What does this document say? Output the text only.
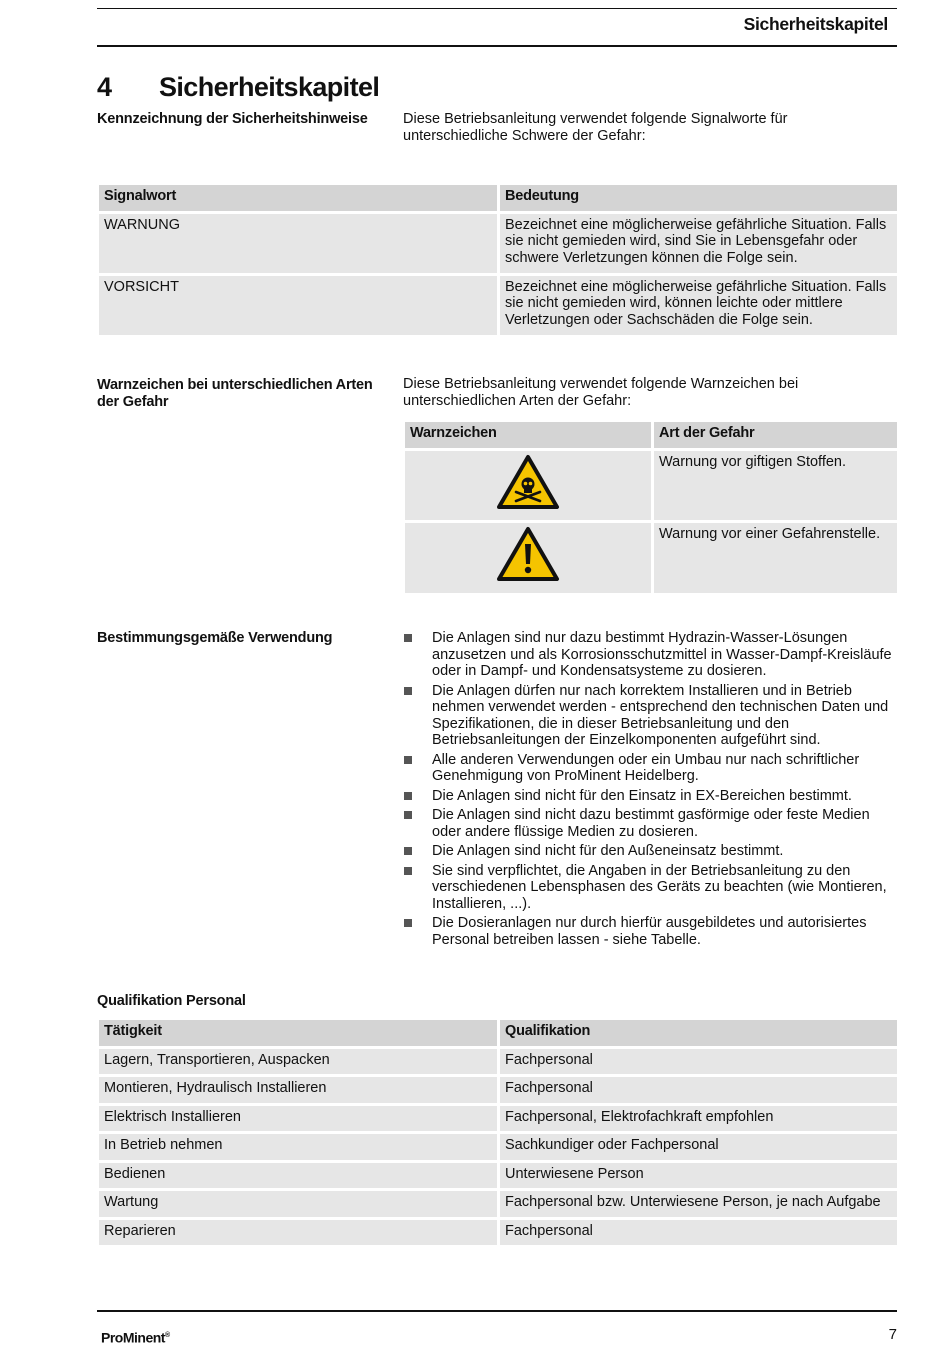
Sicherheitskapitel
4 Sicherheitskapitel
Kennzeichnung der Sicherheitshinweise	Diese Betriebsanleitung verwendet folgende Signalworte für unterschiedliche Schwere der Gefahr:
Signalwort	Bedeutung
WARNUNG	Bezeichnet eine möglicherweise gefährliche Situation. Falls sie nicht gemieden wird, sind Sie in Lebensgefahr oder schwere Verletzungen können die Folge sein.
VORSICHT	Bezeichnet eine möglicherweise gefährliche Situation. Falls sie nicht gemieden wird, können leichte oder mittlere Verletzungen oder Sachschäden die Folge sein.
Warnzeichen bei unterschiedlichen Arten der Gefahr
Diese Betriebsanleitung verwendet folgende Warnzeichen bei unterschiedlichen Arten der Gefahr:
Warnzeichen	Art der Gefahr
	Warnung vor giftigen Stoffen.
	Warnung vor einer Gefahrenstelle.
Bestimmungsgemäße Verwendung	Die Anlagen sind nur dazu bestimmt Hydrazin-Wasser-Lösungen anzusetzen und als Korrosionsschutzmittel in Wasser-Dampf-Kreisläufe oder in Dampf- und Kondensatsysteme zu dosieren.
Die Anlagen dürfen nur nach korrektem Installieren und in Betrieb nehmen verwendet werden - entsprechend den technischen Daten und Spezifikationen, die in dieser Betriebsanleitung und den Betriebsanleitungen der Einzelkomponenten aufgeführt sind.
Alle anderen Verwendungen oder ein Umbau nur nach schriftlicher Genehmigung von ProMinent Heidelberg.
Die Anlagen sind nicht für den Einsatz in EX-Bereichen bestimmt.
Die Anlagen sind nicht dazu bestimmt gasförmige oder feste Medien oder andere flüssige Medien zu dosieren.
Die Anlagen sind nicht für den Außeneinsatz bestimmt.
Sie sind verpflichtet, die Angaben in der Betriebsanleitung zu den verschiedenen Lebensphasen des Geräts zu beachten (wie Montieren, Installieren, ...).
Die Dosieranlagen nur durch hierfür ausgebildetes und autorisiertes Personal betreiben lassen - siehe Tabelle.
Qualifikation Personal
Tätigkeit	Qualifikation
Lagern, Transportieren, Auspacken	Fachpersonal
Montieren, Hydraulisch Installieren	Fachpersonal
Elektrisch Installieren	Fachpersonal, Elektrofachkraft empfohlen
In Betrieb nehmen	Sachkundiger oder Fachpersonal
Bedienen	Unterwiesene Person
Wartung	Fachpersonal bzw. Unterwiesene Person, je nach Aufgabe
Reparieren	Fachpersonal
ProMinent®	7
